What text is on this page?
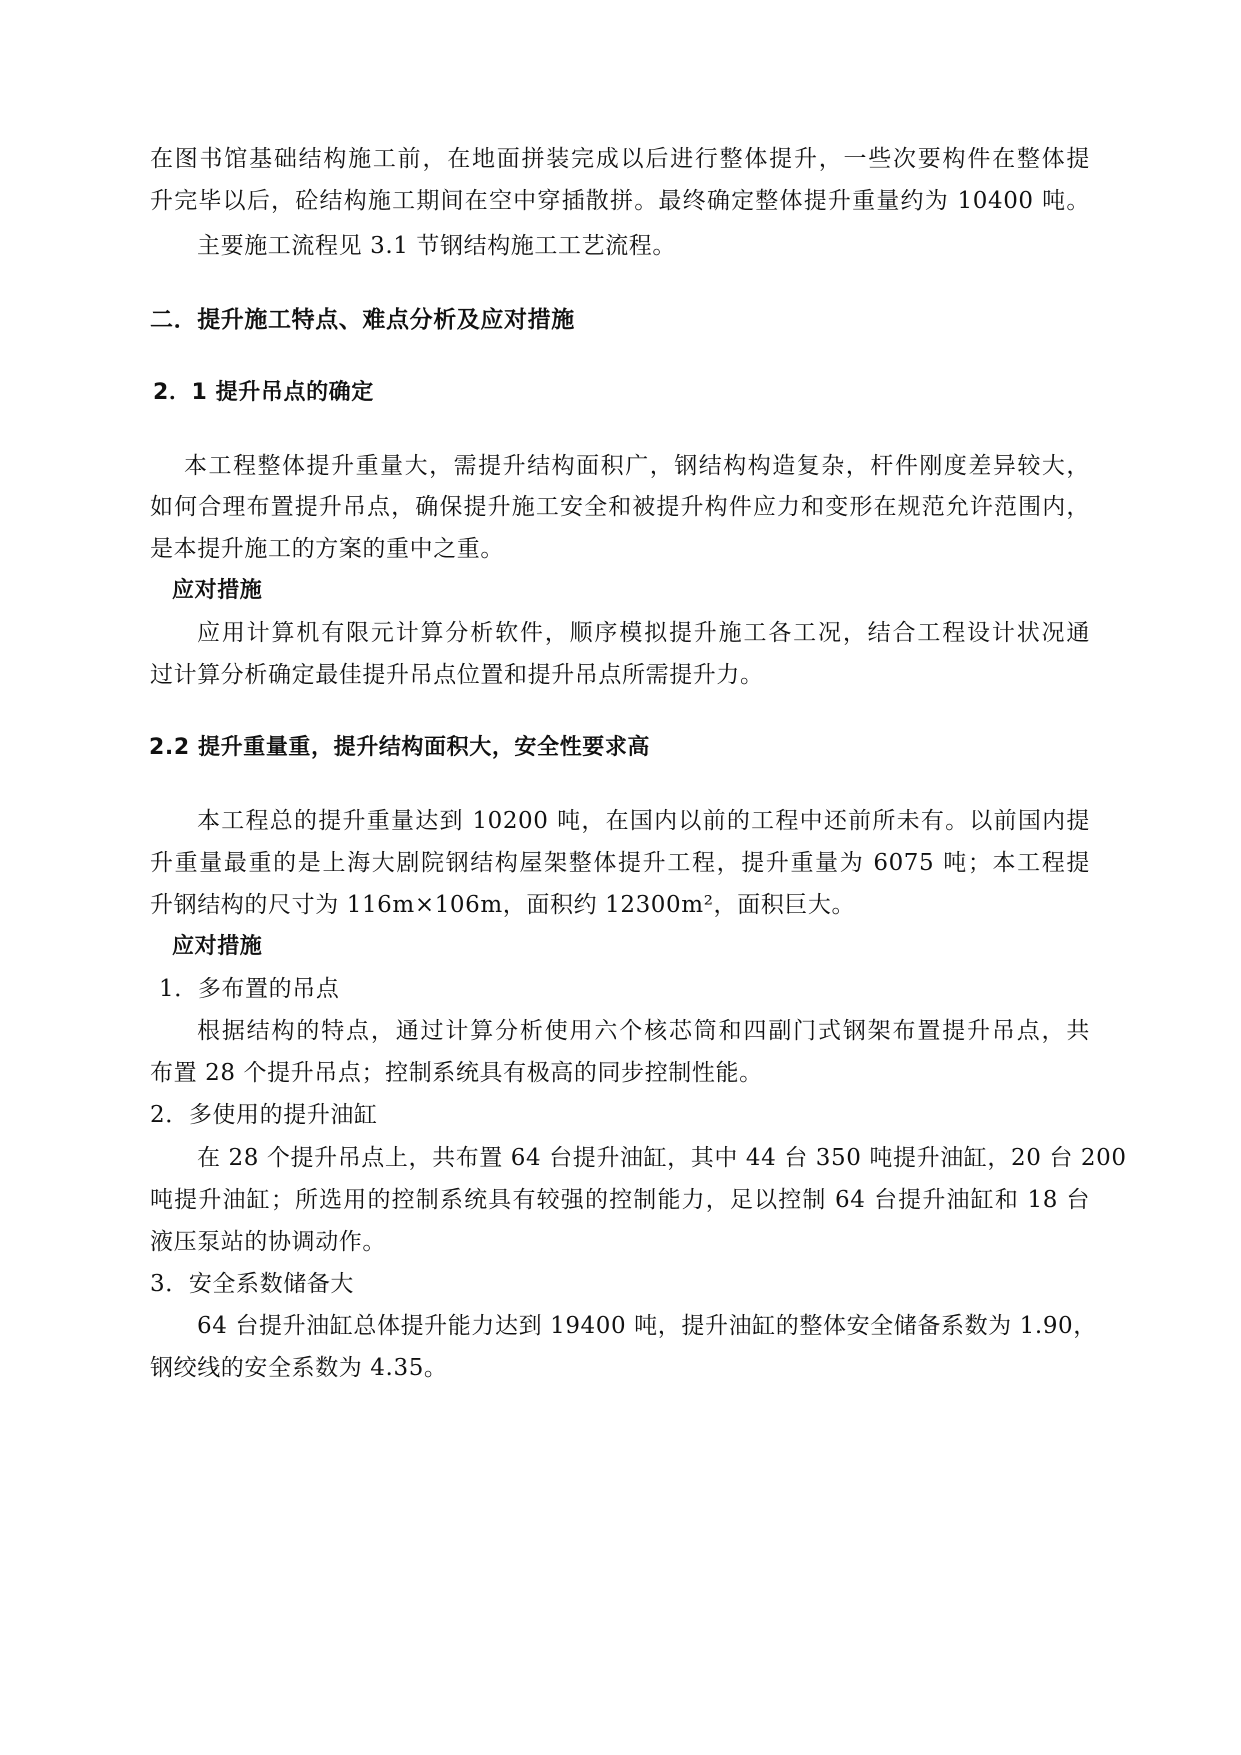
在图书馆基础结构施工前，在地面拼装完成以后进行整体提升，一些次要构件在整体提
升完毕以后，砼结构施工期间在空中穿插散拼。最终确定整体提升重量约为 10400 吨。
主要施工流程见 3.1 节钢结构施工工艺流程。
二．提升施工特点、难点分析及应对措施
2．1 提升吊点的确定
本工程整体提升重量大，需提升结构面积广，钢结构构造复杂，杆件刚度差异较大，
如何合理布置提升吊点，确保提升施工安全和被提升构件应力和变形在规范允许范围内，
是本提升施工的方案的重中之重。
应对措施
应用计算机有限元计算分析软件，顺序模拟提升施工各工况，结合工程设计状况通
过计算分析确定最佳提升吊点位置和提升吊点所需提升力。
2.2 提升重量重，提升结构面积大，安全性要求高
本工程总的提升重量达到 10200 吨，在国内以前的工程中还前所未有。以前国内提
升重量最重的是上海大剧院钢结构屋架整体提升工程，提升重量为 6075 吨；本工程提
升钢结构的尺寸为 116m×106m，面积约 12300m²，面积巨大。
应对措施
1．多布置的吊点
根据结构的特点，通过计算分析使用六个核芯筒和四副门式钢架布置提升吊点，共
布置 28 个提升吊点；控制系统具有极高的同步控制性能。
2．多使用的提升油缸
在 28 个提升吊点上，共布置 64 台提升油缸，其中 44 台 350 吨提升油缸，20 台 200
吨提升油缸；所选用的控制系统具有较强的控制能力，足以控制 64 台提升油缸和 18 台
液压泵站的协调动作。
3．安全系数储备大
64 台提升油缸总体提升能力达到 19400 吨，提升油缸的整体安全储备系数为 1.90，
钢绞线的安全系数为 4.35。
